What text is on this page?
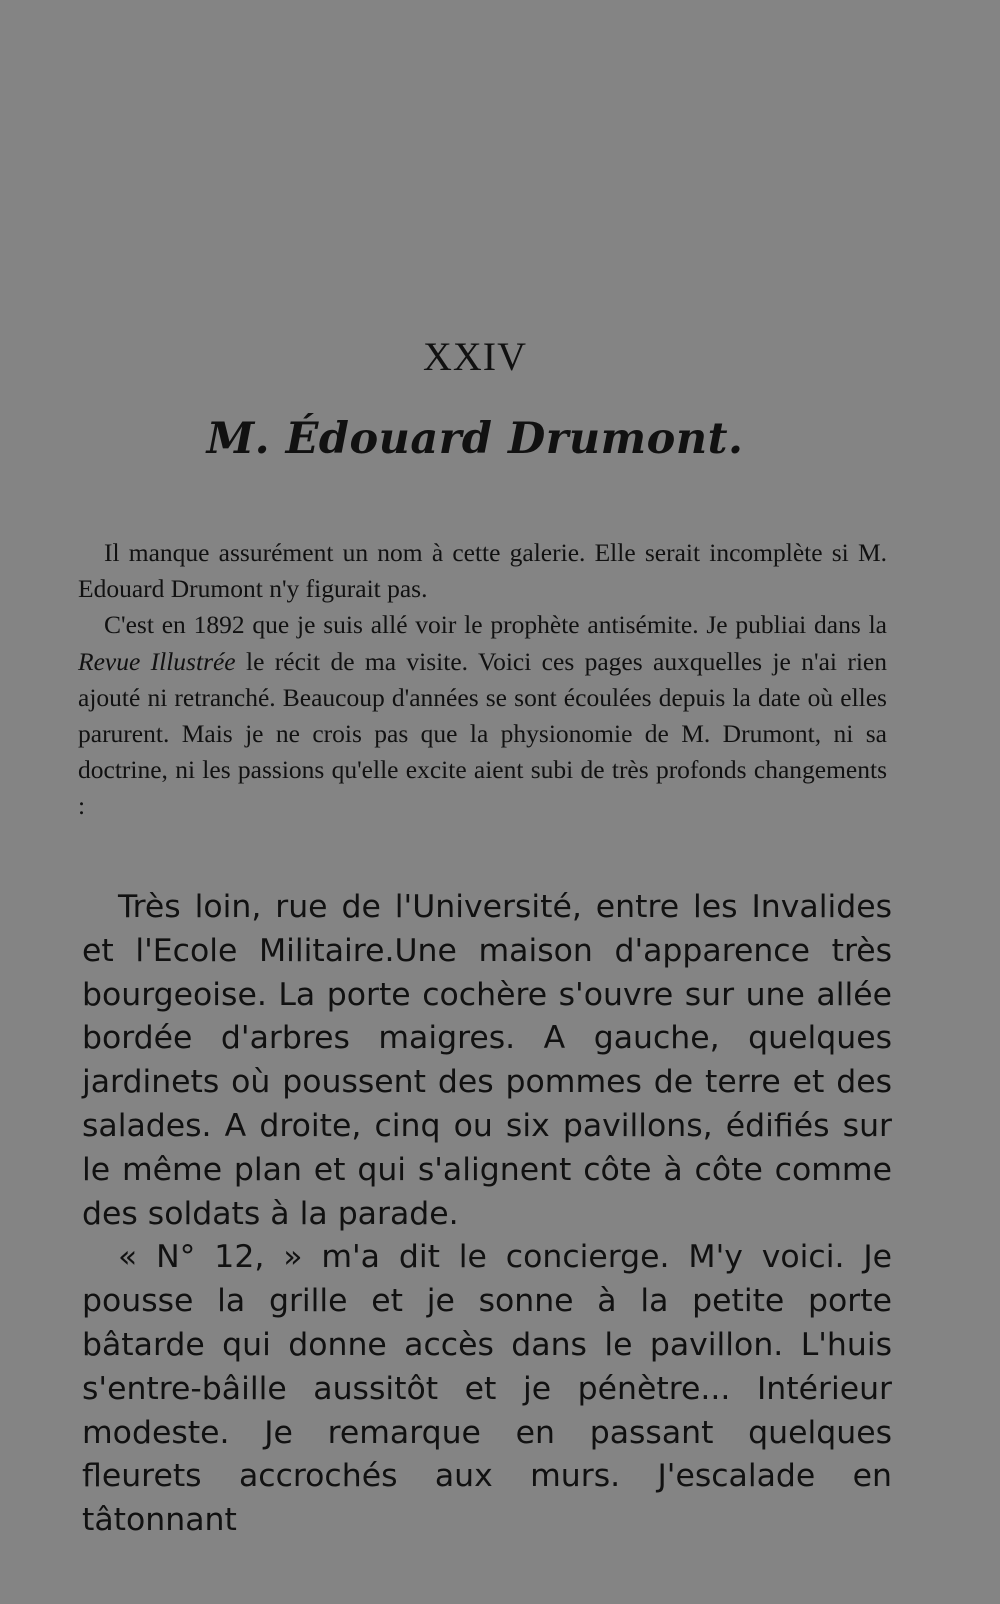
XXIV
M. Édouard Drumont.

Il manque assurément un nom à cette galerie. Elle serait incomplète si M. Edouard Drumont n'y figurait pas.

C'est en 1892 que je suis allé voir le prophète antisémite. Je publiai dans la Revue Illustrée le récit de ma visite. Voici ces pages auxquelles je n'ai rien ajouté ni retranché. Beaucoup d'années se sont écoulées depuis la date où elles parurent. Mais je ne crois pas que la physionomie de M. Drumont, ni sa doctrine, ni les passions qu'elle excite aient subi de très profonds changements :

Très loin, rue de l'Université, entre les Invalides et l'Ecole Militaire.Une maison d'apparence très bourgeoise. La porte cochère s'ouvre sur une allée bordée d'arbres maigres. A gauche, quelques jardinets où poussent des pommes de terre et des salades. A droite, cinq ou six pavillons, édifiés sur le même plan et qui s'alignent côte à côte comme des soldats à la parade.

« N° 12, » m'a dit le concierge. M'y voici. Je pousse la grille et je sonne à la petite porte bâtarde qui donne accès dans le pavillon. L'huis s'entre-bâille aussitôt et je pénètre... Intérieur modeste. Je remarque en passant quelques fleurets accrochés aux murs. J'escalade en tâtonnant
